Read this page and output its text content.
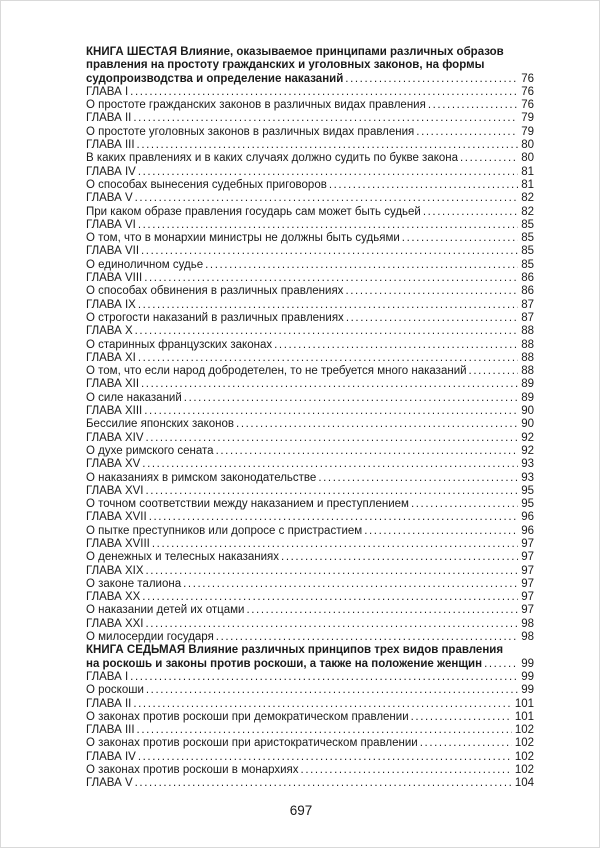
КНИГА ШЕСТАЯ Влияние, оказываемое принципами различных образов
правления на простоту гражданских и уголовных законов, на формы
судопроизводства и определение наказаний .....	76
ГЛАВА I .....	76
О простоте гражданских законов в различных видах правления .....	76
ГЛАВА II .....	79
О простоте уголовных законов в различных видах правления .....	79
ГЛАВА III .....	80
В каких правлениях и в каких случаях должно судить по букве закона .....	80
ГЛАВА IV .....	81
О способах вынесения судебных приговоров .....	81
ГЛАВА V .....	82
При каком образе правления государь сам может быть судьей .....	82
ГЛАВА VI .....	85
О том, что в монархии министры не должны быть судьями .....	85
ГЛАВА VII .....	85
О единоличном судье .....	85
ГЛАВА VIII .....	86
О способах обвинения в различных правлениях .....	86
ГЛАВА IX .....	87
О строгости наказаний в различных правлениях .....	87
ГЛАВА X .....	88
О старинных французских законах .....	88
ГЛАВА XI .....	88
О том, что если народ добродетелен, то не требуется много наказаний .....	88
ГЛАВА XII .....	89
О силе наказаний .....	89
ГЛАВА XIII .....	90
Бессилие японских законов .....	90
ГЛАВА XIV .....	92
О духе римского сената .....	92
ГЛАВА XV .....	93
О наказаниях в римском законодательстве .....	93
ГЛАВА XVI .....	95
О точном соответствии между наказанием и преступлением .....	95
ГЛАВА XVII .....	96
О пытке преступников или допросе с пристрастием .....	96
ГЛАВА XVIII .....	97
О денежных и телесных наказаниях .....	97
ГЛАВА XIX .....	97
О законе талиона .....	97
ГЛАВА XX .....	97
О наказании детей их отцами .....	97
ГЛАВА XXI .....	98
О милосердии государя .....	98
КНИГА СЕДЬМАЯ Влияние различных принципов трех видов правления
на роскошь и законы против роскоши, а также на положение женщин .....	99
ГЛАВА I .....	99
О роскоши .....	99
ГЛАВА II .....	101
О законах против роскоши при демократическом правлении .....	101
ГЛАВА III .....	102
О законах против роскоши при аристократическом правлении .....	102
ГЛАВА IV .....	102
О законах против роскоши в монархиях .....	102
ГЛАВА V .....	104
697
